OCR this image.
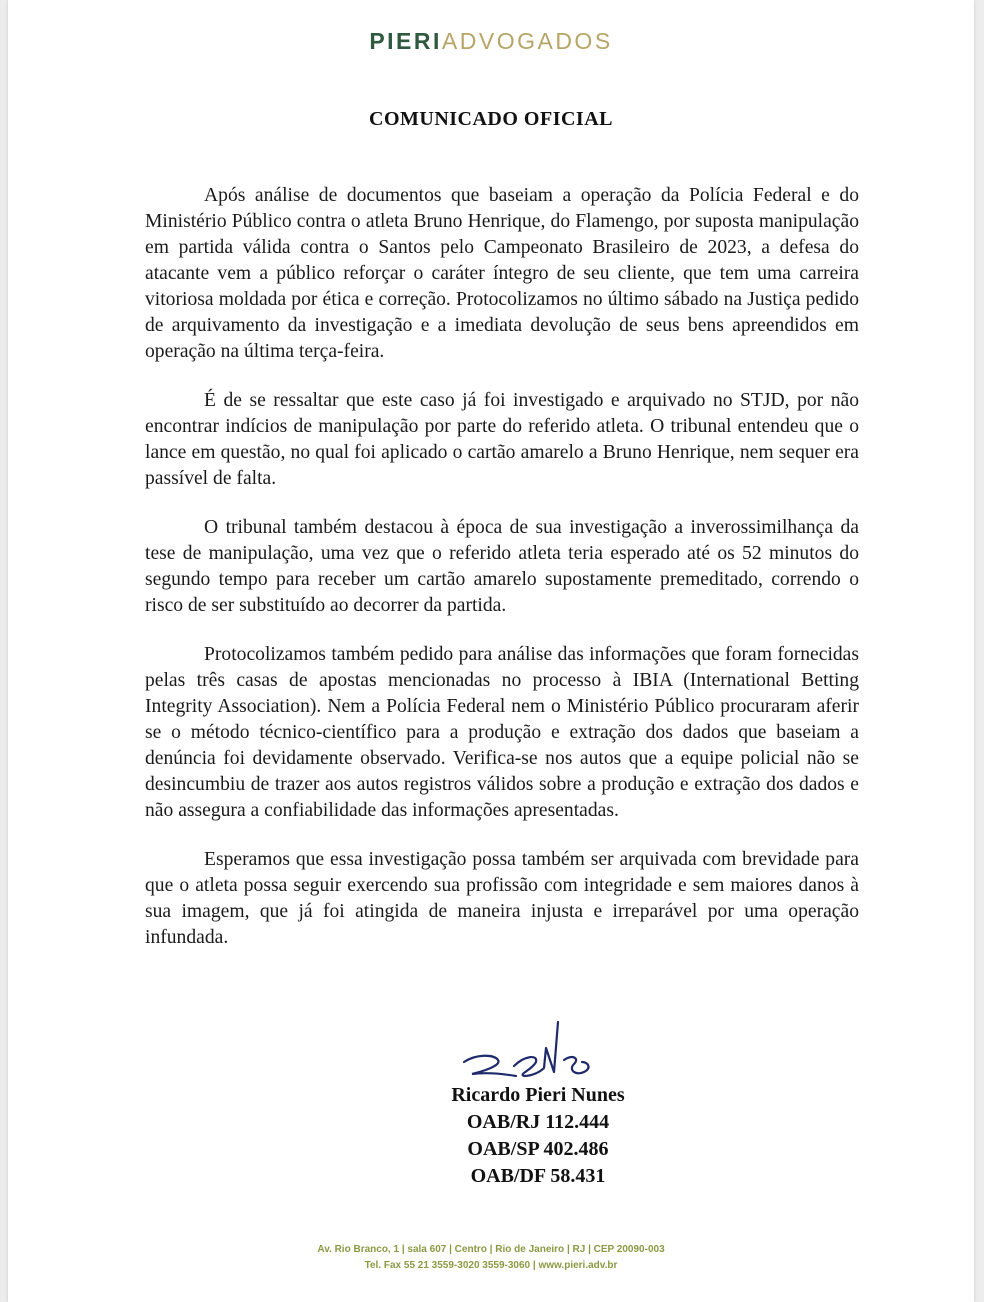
PIERIADVOGADOS
COMUNICADO OFICIAL

Após análise de documentos que baseiam a operação da Polícia Federal e do Ministério Público contra o atleta Bruno Henrique, do Flamengo, por suposta manipulação em partida válida contra o Santos pelo Campeonato Brasileiro de 2023, a defesa do atacante vem a público reforçar o caráter íntegro de seu cliente, que tem uma carreira vitoriosa moldada por ética e correção. Protocolizamos no último sábado na Justiça pedido de arquivamento da investigação e a imediata devolução de seus bens apreendidos em operação na última terça-feira.

É de se ressaltar que este caso já foi investigado e arquivado no STJD, por não encontrar indícios de manipulação por parte do referido atleta. O tribunal entendeu que o lance em questão, no qual foi aplicado o cartão amarelo a Bruno Henrique, nem sequer era passível de falta.

O tribunal também destacou à época de sua investigação a inverossimilhança da tese de manipulação, uma vez que o referido atleta teria esperado até os 52 minutos do segundo tempo para receber um cartão amarelo supostamente premeditado, correndo o risco de ser substituído ao decorrer da partida.

Protocolizamos também pedido para análise das informações que foram fornecidas pelas três casas de apostas mencionadas no processo à IBIA (International Betting Integrity Association). Nem a Polícia Federal nem o Ministério Público procuraram aferir se o método técnico-científico para a produção e extração dos dados que baseiam a denúncia foi devidamente observado. Verifica-se nos autos que a equipe policial não se desincumbiu de trazer aos autos registros válidos sobre a produção e extração dos dados e não assegura a confiabilidade das informações apresentadas.

Esperamos que essa investigação possa também ser arquivada com brevidade para que o atleta possa seguir exercendo sua profissão com integridade e sem maiores danos à sua imagem, que já foi atingida de maneira injusta e irreparável por uma operação infundada.

Ricardo Pieri Nunes
OAB/RJ 112.444
OAB/SP 402.486
OAB/DF 58.431
Av. Rio Branco, 1 | sala 607 | Centro | Rio de Janeiro | RJ | CEP 20090-003
Tel. Fax 55 21 3559-3020 3559-3060 | www.pieri.adv.br
